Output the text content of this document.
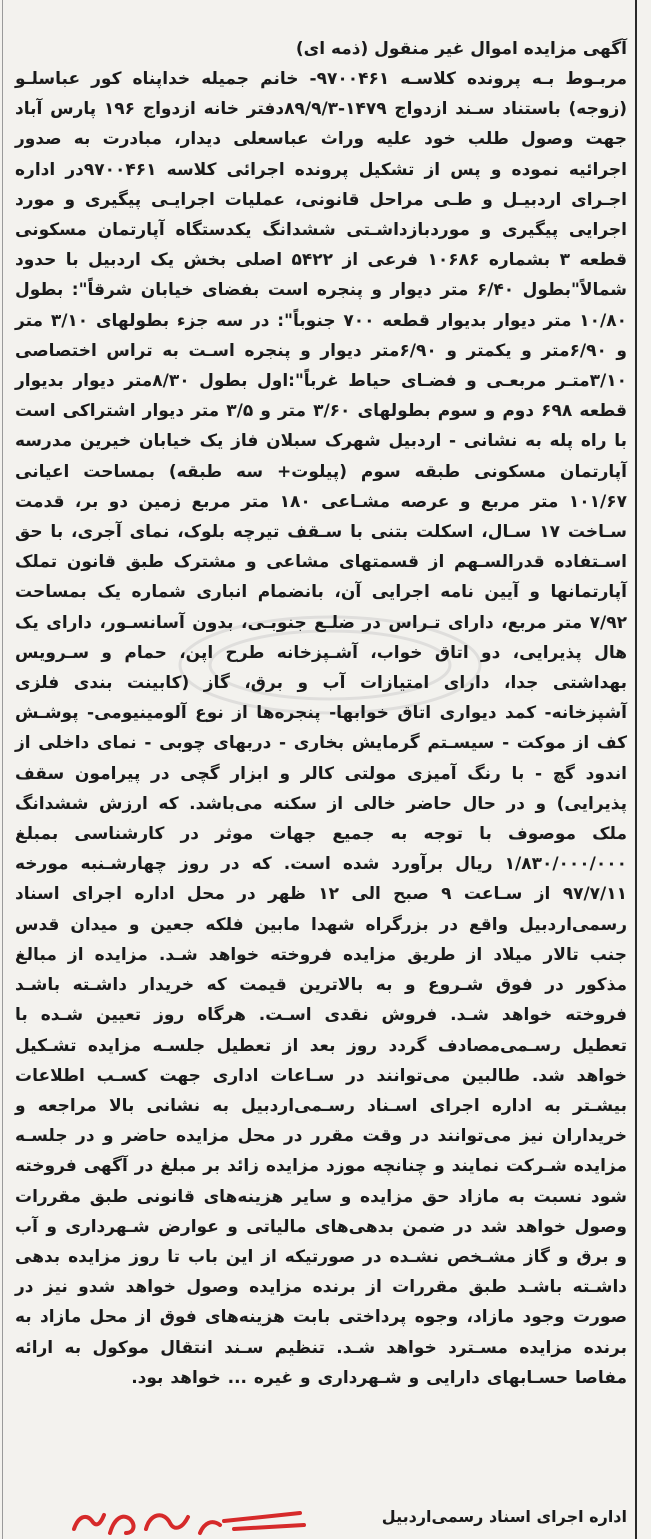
آگهی مزایده اموال غیر منقول (ذمه ای)
مربـوط بـه پرونده کلاسـه ۹۷۰۰۴۶۱- خانم جمیله خداپناه کور عباسلـو (زوجه) باستناد سـند ازدواج ۱۴۷۹-۸۹/۹/۳دفتر خانه ازدواج ۱۹۶ پارس آباد جهت وصول طلب خود علیه وراث عباسعلی دیدار، مبادرت به صدور اجرائیه نموده و پس از تشکیل پرونده اجرائی کلاسه ۹۷۰۰۴۶۱در اداره اجـرای اردبیـل و طـی مراحل قانونی، عملیات اجرایـی پیگیری و مورد اجرایی پیگیری و موردبازداشـتی ششدانگ یکدستگاه آپارتمان مسکونی قطعه ۳ بشماره ۱۰۶۸۶ فرعی از ۵۴۲۲ اصلی بخش یک اردبیل با حدود شمالاً"بطول ۶/۴۰ متر دیوار و پنجره است بفضای خیابان شرقاً": بطول ۱۰/۸۰ متر دیوار بدیوار قطعه ۷۰۰ جنوباً": در سه جزء بطولهای ۳/۱۰ متر و ۶/۹۰متر و یکمتر و ۶/۹۰متر دیوار و پنجره اسـت به تراس اختصاصی ۳/۱۰متـر مربعـی و فضـای حیاط غرباً":اول بطول ۸/۳۰متر دیوار بدیوار قطعه ۶۹۸ دوم و سوم بطولهای ۳/۶۰ متر و ۳/۵ متر دیوار اشتراکی است با راه پله به نشانی - اردبیل شهرک سبلان فاز یک خیابان خیرین مدرسه آپارتمان مسکونی طبقه سوم (پیلوت+ سه طبقه) بمساحت اعیانی ۱۰۱/۶۷ متر مربع و عرصه مشـاعی ۱۸۰ متر مربع زمین دو بر، قدمت سـاخت ۱۷ سـال، اسکلت بتنی با سـقف تیرچه بلوک، نمای آجری، با حق اسـتفاده قدرالسـهم از قسمتهای مشاعی و مشترک طبق قانون تملک آپارتمانها و آیین نامه اجرایی آن، بانضمام انباری شماره یک بمساحت ۷/۹۲ متر مربع، دارای تـراس در ضلـع جنوبـی، بدون آسانسـور، دارای یک هال پذیرایی، دو اتاق خواب، آشـپزخانه طرح اپن، حمام و سـرویس بهداشتی جدا، دارای امتیازات آب و برق، گاز (کابینت بندی فلزی آشپزخانه- کمد دیواری اتاق خوابها- پنجره‌ها از نوع آلومینیومی- پوشـش کف از موکت - سیسـتم گرمایش بخاری - دربهای چوبی - نمای داخلی از اندود گچ - با رنگ آمیزی مولتی کالر و ابزار گچی در پیرامون سقف پذیرایی) و در حال حاضر خالی از سکنه می‌باشد. که ارزش ششدانگ ملک موصوف با توجه به جمیع جهات موثر در کارشناسی بمبلغ ۱/۸۳۰/۰۰۰/۰۰۰ ریال برآورد شده است. که در روز چهارشـنبه مورخه ۹۷/۷/۱۱ از سـاعت ۹ صبح الی ۱۲ ظهر در محل اداره اجرای اسناد رسمی‌اردبیل واقع در بزرگراه شهدا مابین فلکه جعین و میدان قدس جنب تالار میلاد از طریق مزایده فروخته خواهد شـد. مزایده از مبالغ مذکور در فوق شـروع و به بالاترین قیمت که خریدار داشـته باشـد فروخته خواهد شـد. فروش نقدی اسـت. هرگاه روز تعیین شـده با تعطیل رسـمی‌مصادف گردد روز بعد از تعطیل جلسـه مزایده تشـکیل خواهد شد. طالبین می‌توانند در سـاعات اداری جهت کسـب اطلاعات بیشـتر به اداره اجرای اسـناد رسـمی‌اردبیل به نشانی بالا مراجعه و خریداران نیز می‌توانند در وقت مقرر در محل مزایده حاضر و در جلسـه مزایده شـرکت نمایند و چنانچه موزد مزایده زائد بر مبلغ در آگهی فروخته شود نسبت به مازاد حق مزایده و سایر هزینه‌های قانونی طبق مقررات وصول خواهد شد در ضمن بدهی‌های مالیاتی و عوارض شـهرداری و آب و برق و گاز مشـخص نشـده در صورتیکه از این باب تا روز مزایده بدهی داشـته باشـد طبق مقررات از برنده مزایده وصول خواهد شدو نیز در صورت وجود مازاد، وجوه پرداختی بابت هزینه‌های فوق از محل مازاد به برنده مزایده مسـترد خواهد شـد. تنظیم سـند انتقال موکول به ارائه مفاصا حسـابهای دارایی و شـهرداری و غیره ... خواهد بود.
اداره اجرای اسناد رسمی‌اردبیل
